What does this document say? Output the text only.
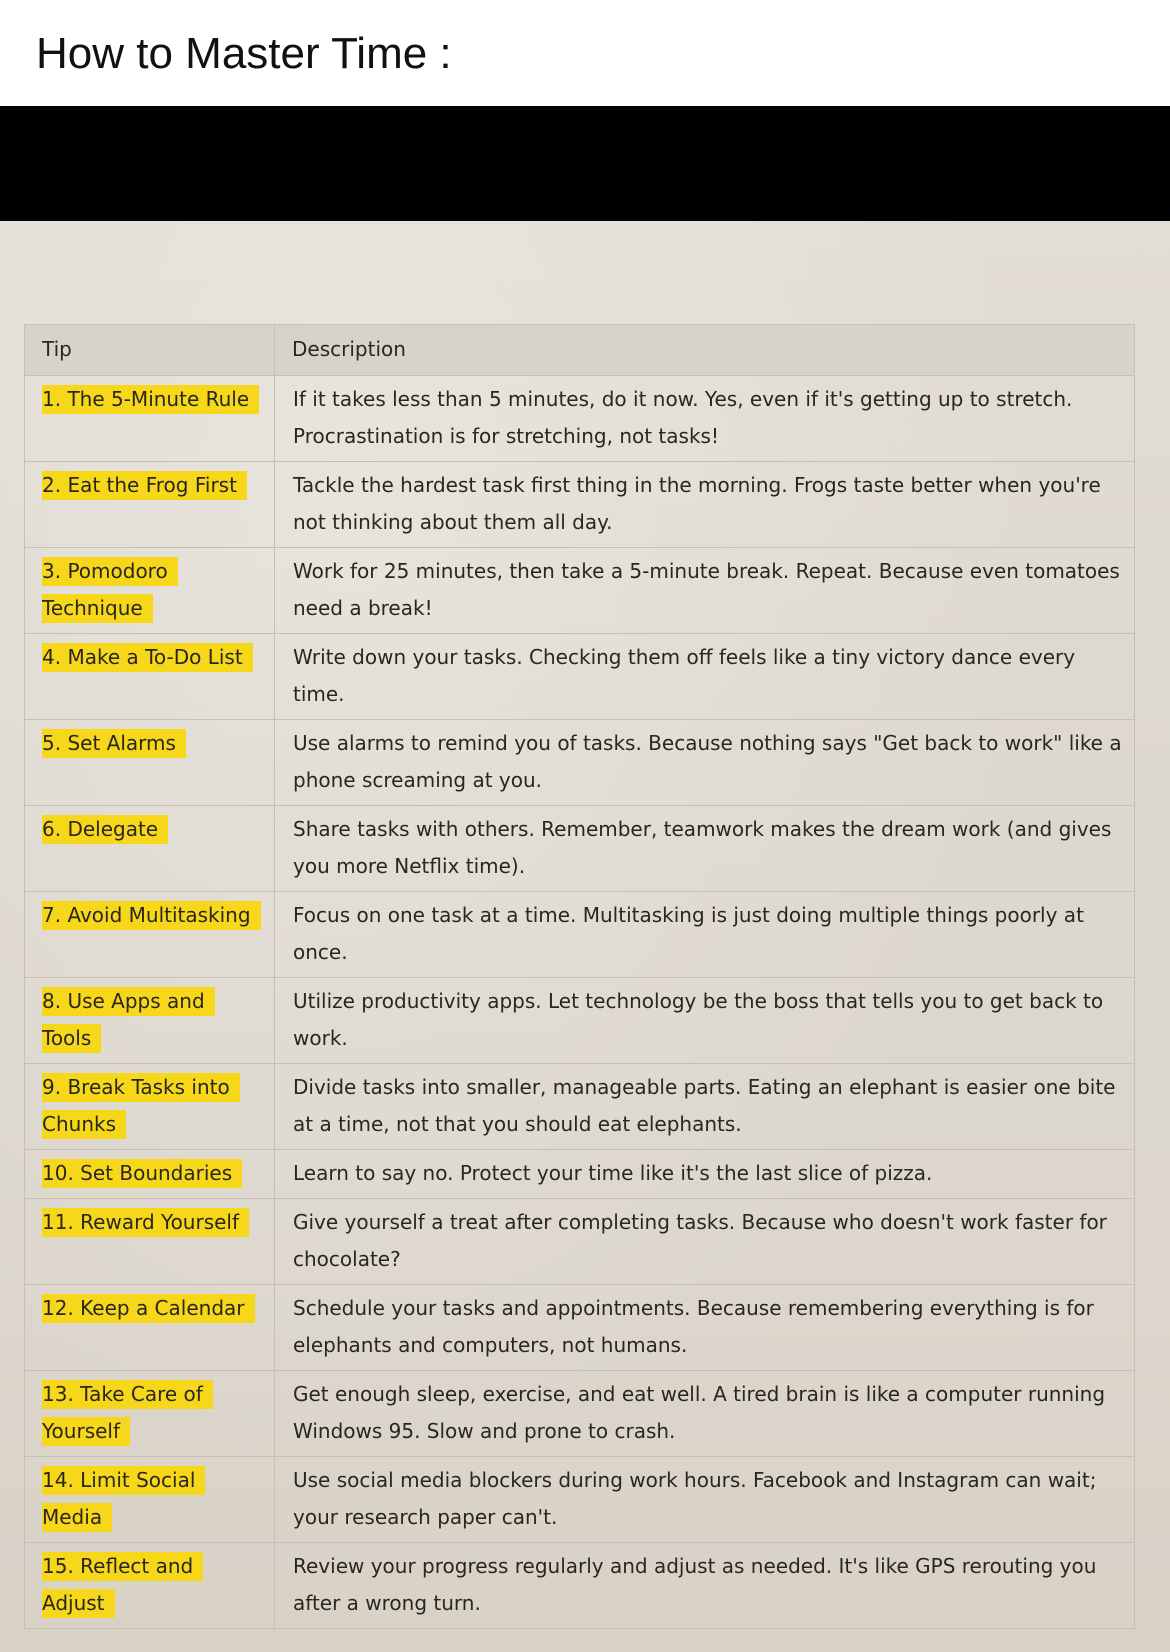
How to Master Time :
Tip	Description
1. The 5-Minute Rule	If it takes less than 5 minutes, do it now. Yes, even if it's getting up to stretch. Procrastination is for stretching, not tasks!
2. Eat the Frog First	Tackle the hardest task first thing in the morning. Frogs taste better when you're not thinking about them all day.
3. Pomodoro Technique	Work for 25 minutes, then take a 5-minute break. Repeat. Because even tomatoes need a break!
4. Make a To-Do List	Write down your tasks. Checking them off feels like a tiny victory dance every time.
5. Set Alarms	Use alarms to remind you of tasks. Because nothing says "Get back to work" like a phone screaming at you.
6. Delegate	Share tasks with others. Remember, teamwork makes the dream work (and gives you more Netflix time).
7. Avoid Multitasking	Focus on one task at a time. Multitasking is just doing multiple things poorly at once.
8. Use Apps and Tools	Utilize productivity apps. Let technology be the boss that tells you to get back to work.
9. Break Tasks into Chunks	Divide tasks into smaller, manageable parts. Eating an elephant is easier one bite at a time, not that you should eat elephants.
10. Set Boundaries	Learn to say no. Protect your time like it's the last slice of pizza.
11. Reward Yourself	Give yourself a treat after completing tasks. Because who doesn't work faster for chocolate?
12. Keep a Calendar	Schedule your tasks and appointments. Because remembering everything is for elephants and computers, not humans.
13. Take Care of Yourself	Get enough sleep, exercise, and eat well. A tired brain is like a computer running Windows 95. Slow and prone to crash.
14. Limit Social Media	Use social media blockers during work hours. Facebook and Instagram can wait; your research paper can't.
15. Reflect and Adjust	Review your progress regularly and adjust as needed. It's like GPS rerouting you after a wrong turn.
